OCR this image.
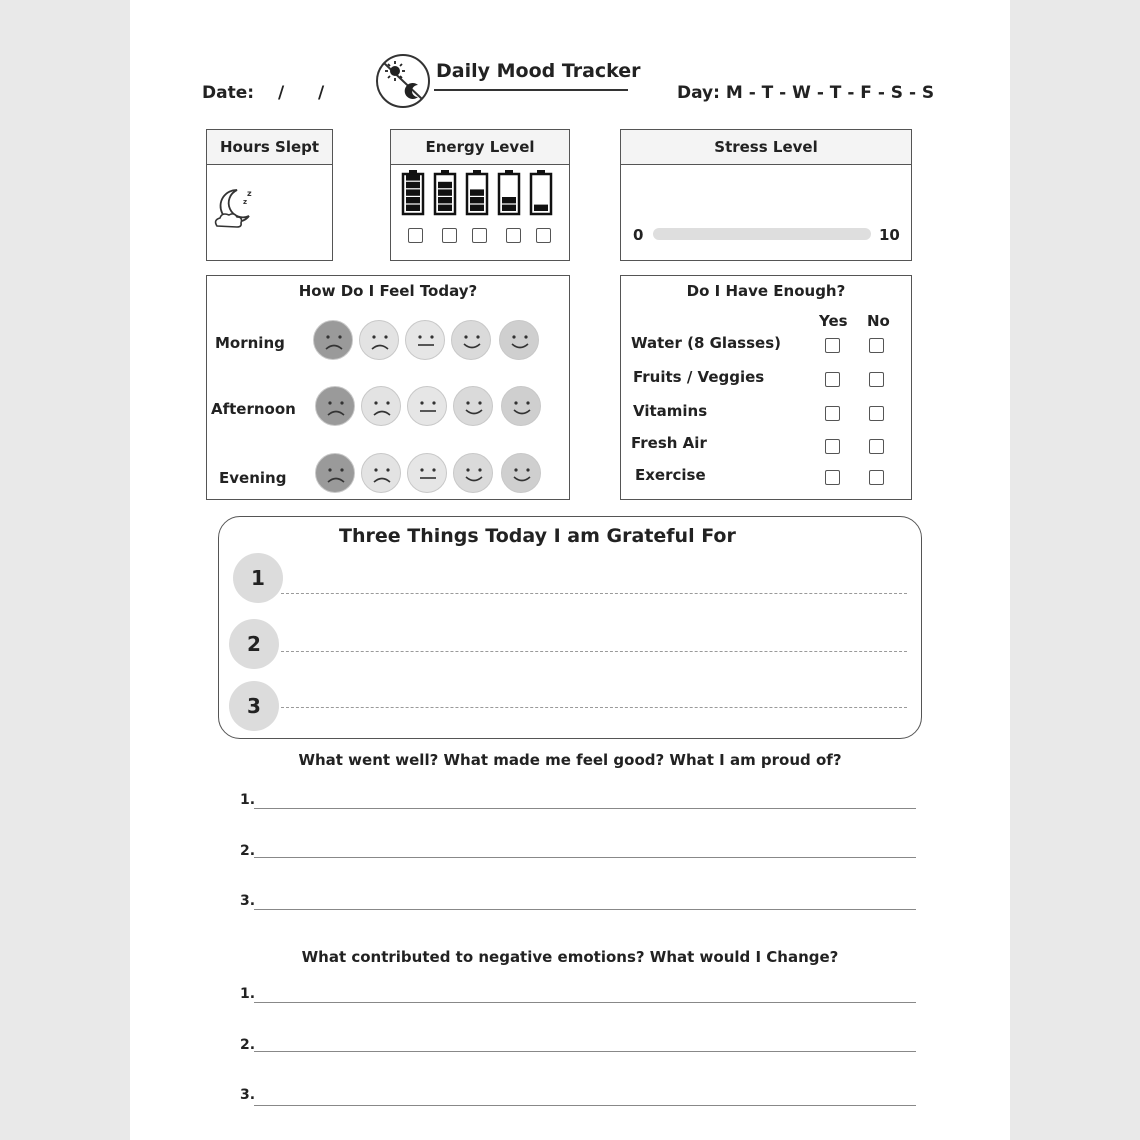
Date: / /
Daily Mood Tracker
Day: M - T - W - T - F - S - S
Hours Slept
z
z
Energy Level	Stress Level
0	10
How Do I Feel Today?
Morning
Afternoon
Evening
Do I Have Enough?
Yes No
Water (8 Glasses)
Fruits / Veggies
Vitamins
Fresh Air
Exercise
Three Things Today I am Grateful For
1
2
3
What went well? What made me feel good? What I am proud of?
1.
2.
3.
What contributed to negative emotions? What would I Change?
1.
2.
3.
